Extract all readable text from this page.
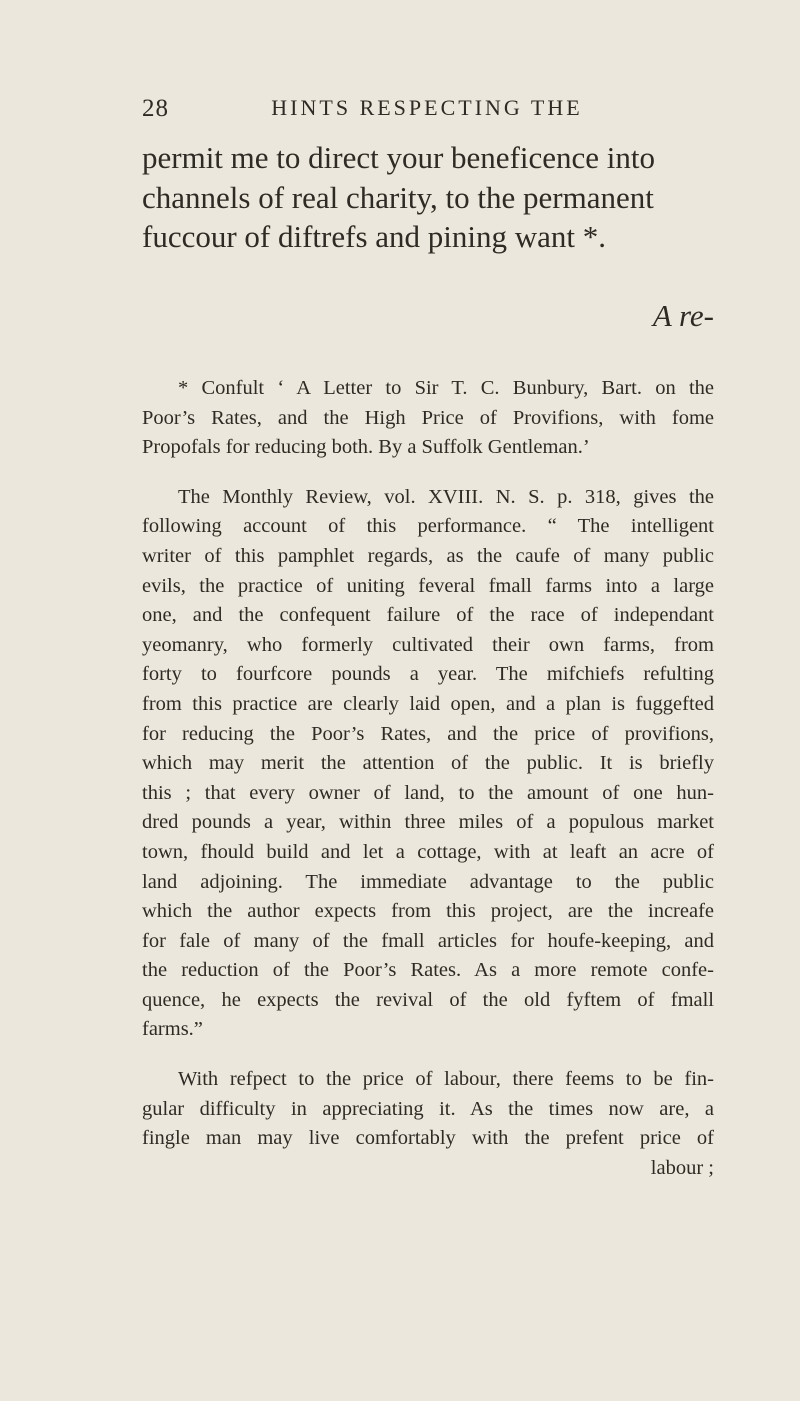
28	HINTS RESPECTING THE
permit me to direct your beneficence into
channels of real charity, to the permanent
fuccour of diftrefs and pining want *.
A re-
* Confult ‘ A Letter to Sir T. C. Bunbury, Bart. on the
Poor’s Rates, and the High Price of Provifions, with fome
Propofals for reducing both. By a Suffolk Gentleman.’
The Monthly Review, vol. XVIII. N. S. p. 318, gives the
following account of this performance. “ The intelligent
writer of this pamphlet regards, as the caufe of many public
evils, the practice of uniting feveral fmall farms into a large
one, and the confequent failure of the race of independant
yeomanry, who formerly cultivated their own farms, from
forty to fourfcore pounds a year. The mifchiefs refulting
from this practice are clearly laid open, and a plan is fuggefted
for reducing the Poor’s Rates, and the price of provifions,
which may merit the attention of the public. It is briefly
this ; that every owner of land, to the amount of one hun-
dred pounds a year, within three miles of a populous market
town, fhould build and let a cottage, with at leaft an acre of
land adjoining. The immediate advantage to the public
which the author expects from this project, are the increafe
for fale of many of the fmall articles for houfe-keeping, and
the reduction of the Poor’s Rates. As a more remote confe-
quence, he expects the revival of the old fyftem of fmall
farms.”
With refpect to the price of labour, there feems to be fin-
gular difficulty in appreciating it. As the times now are, a
fingle man may live comfortably with the prefent price of
labour ;
